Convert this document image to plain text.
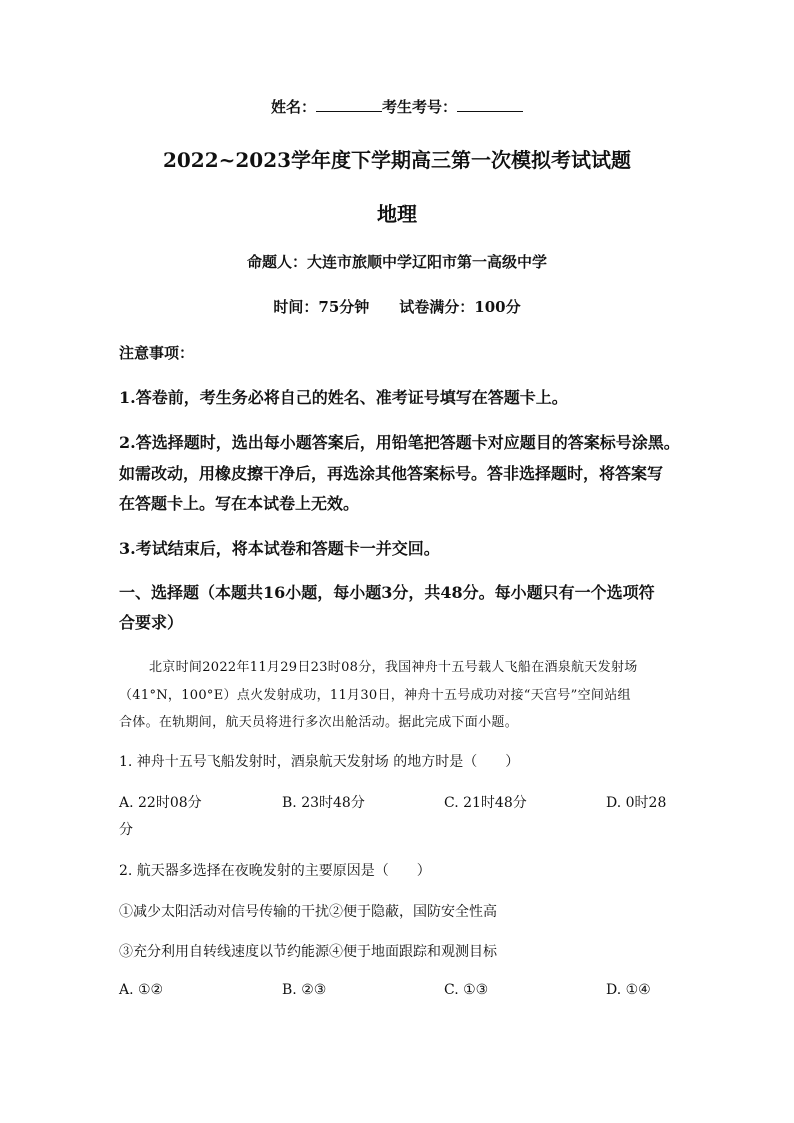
姓名：	考生考号：
2022~2023学年度下学期高三第一次模拟考试试题
地理
命题人：大连市旅顺中学辽阳市第一高级中学
时间：75分钟　　试卷满分：100分
注意事项：
1.答卷前，考生务必将自己的姓名、准考证号填写在答题卡上。
2.答选择题时，选出每小题答案后，用铅笔把答题卡对应题目的答案标号涂黑。
如需改动，用橡皮擦干净后，再选涂其他答案标号。答非选择题时，将答案写
在答题卡上。写在本试卷上无效。
3.考试结束后，将本试卷和答题卡一并交回。
一、选择题（本题共16小题，每小题3分，共48分。每小题只有一个选项符
合要求）
北京时间2022年11月29日23时08分，我国神舟十五号载人飞船在酒泉航天发射场
（41°N，100°E）点火发射成功，11月30日，神舟十五号成功对接“天宫号”空间站组
合体。在轨期间，航天员将进行多次出舱活动。据此完成下面小题。
1. 神舟十五号飞船发射时，酒泉航天发射场 的地方时是（　　）
A. 22时08分	B. 23时48分	C. 21时48分	D. 0时28
分
2. 航天器多选择在夜晚发射的主要原因是（　　）
①减少太阳活动对信号传输的干扰②便于隐蔽，国防安全性高
③充分利用自转线速度以节约能源④便于地面跟踪和观测目标
A. ①②	B. ②③	C. ①③	D. ①④
